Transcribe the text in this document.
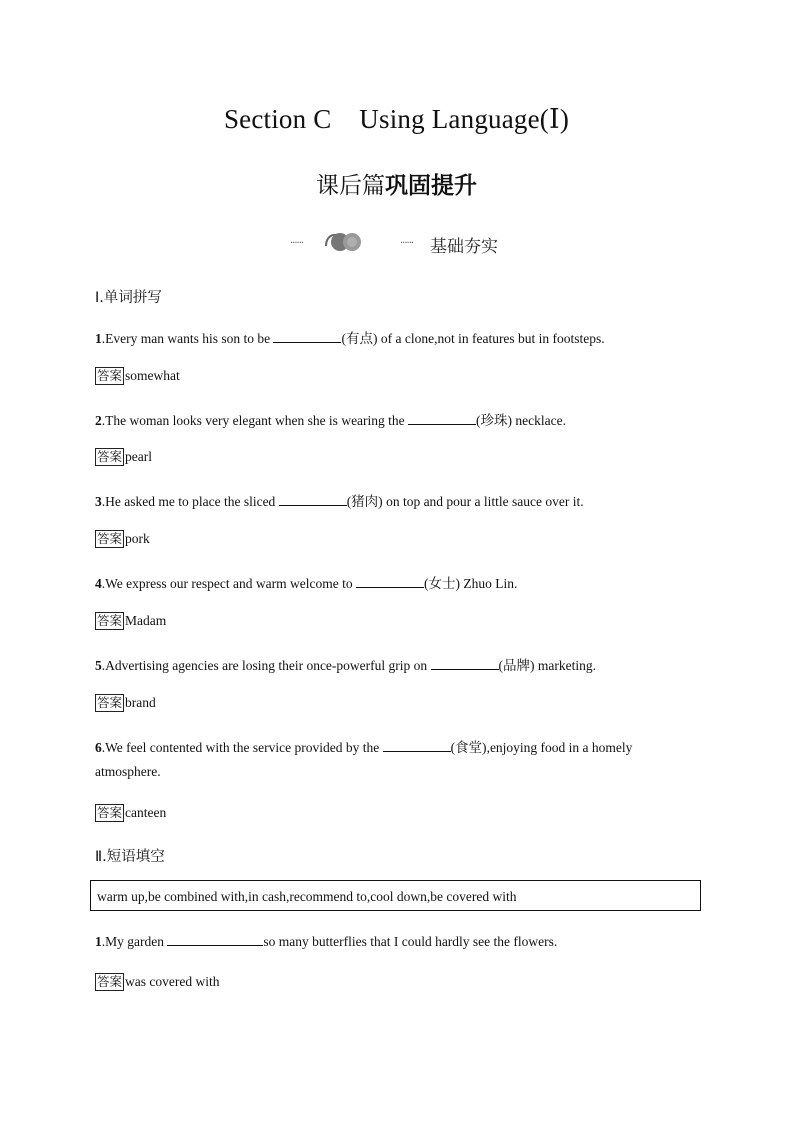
Section C    Using Language(Ⅰ)
课后篇巩固提升
······	······ 基础夯实
Ⅰ.单词拼写
1.Every man wants his son to be	(有点) of a clone,not in features but in footsteps.
答案 somewhat
2.The woman looks very elegant when she is wearing the	(珍珠) necklace.
答案 pearl
3.He asked me to place the sliced	(猪肉) on top and pour a little sauce over it.
答案 pork
4.We express our respect and warm welcome to	(女士) Zhuo Lin.
答案 Madam
5.Advertising agencies are losing their once-powerful grip on	(品牌) marketing.
答案 brand
6.We feel contented with the service provided by the	(食堂),enjoying food in a homely
atmosphere.
答案 canteen
Ⅱ.短语填空
warm up,be combined with,in cash,recommend to,cool down,be covered with
1.My garden	so many butterflies that I could hardly see the flowers.
答案 was covered with
